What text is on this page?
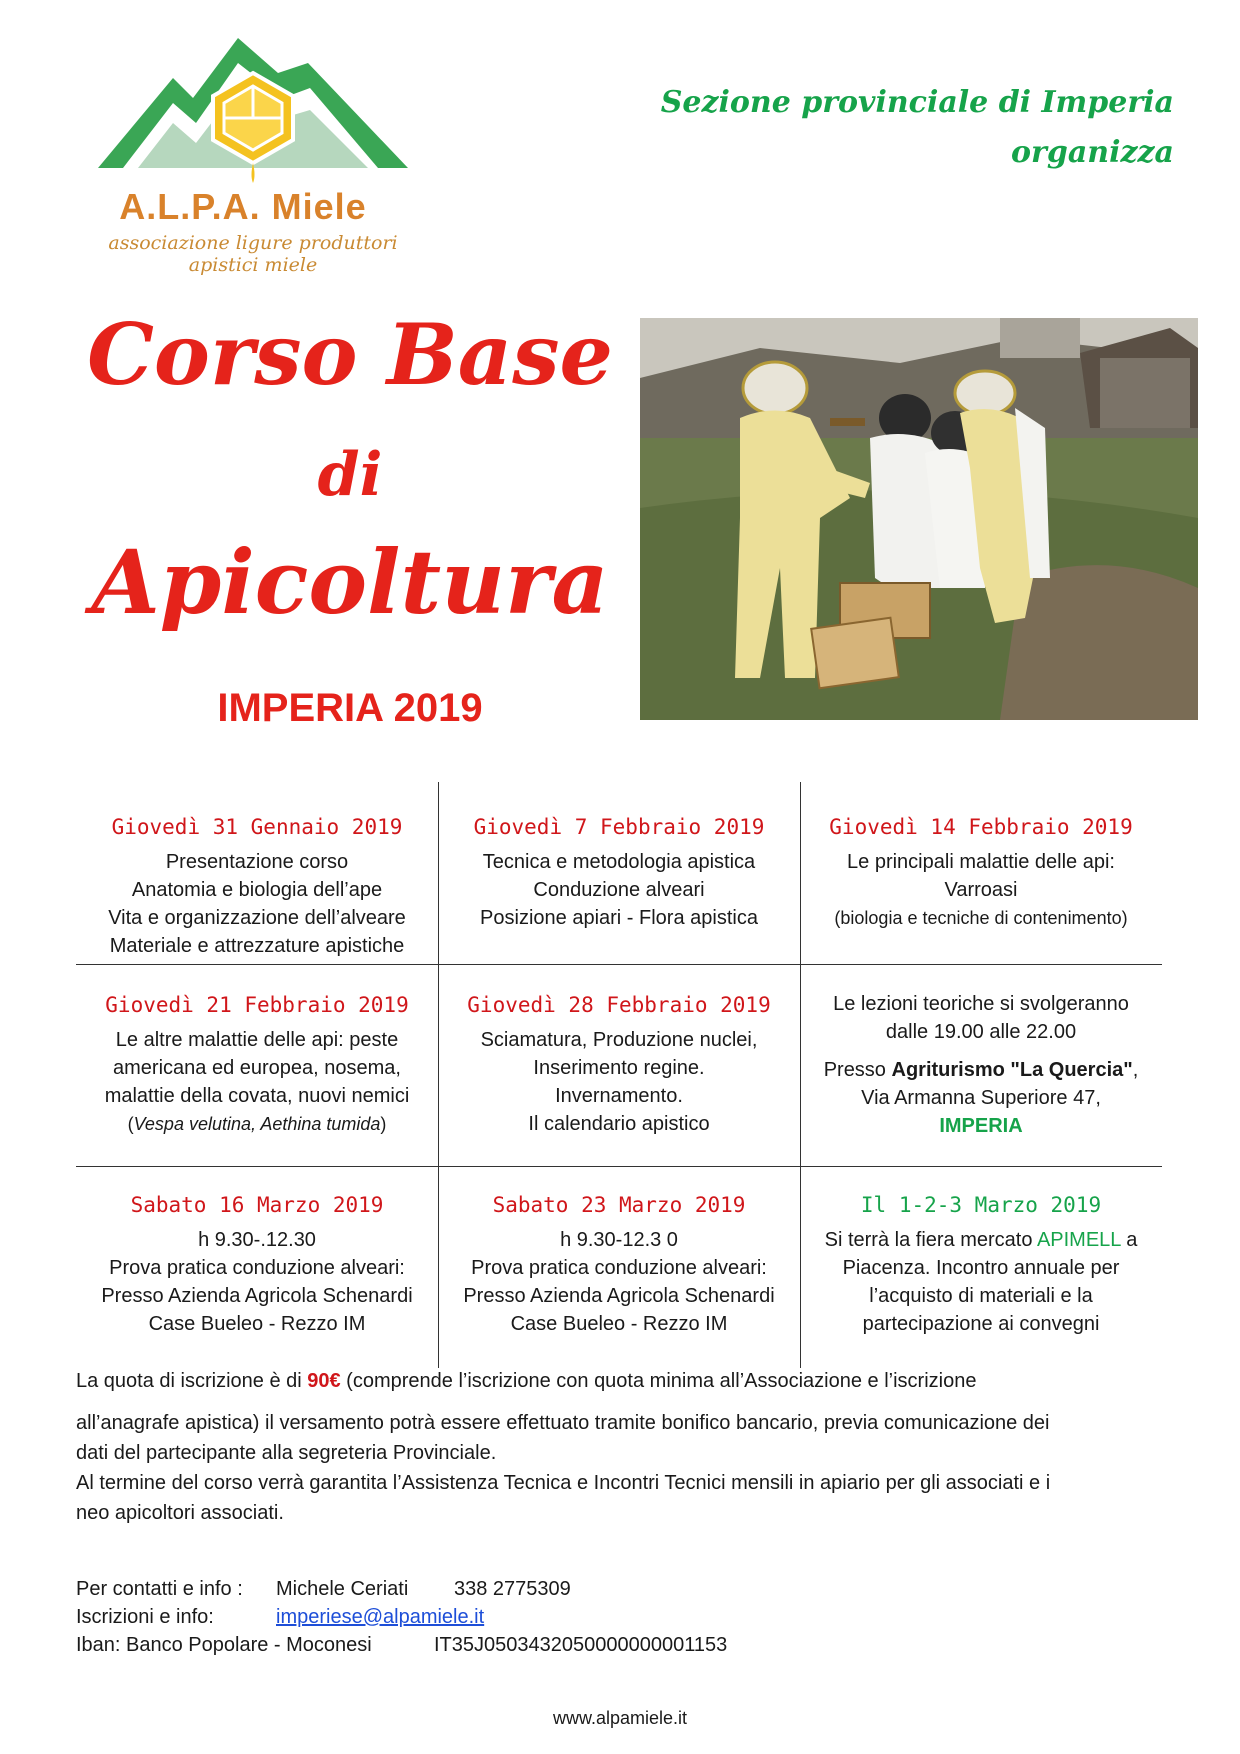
A.L.P.A. Miele
associazione ligure produttori apistici miele
Sezione provinciale di Imperia
organizza
Corso Base
di
Apicoltura
IMPERIA 2019
Giovedì 31 Gennaio 2019
Presentazione corso
Anatomia e biologia dell’ape
Vita e organizzazione dell’alveare
Materiale e attrezzature apistiche
Giovedì 7 Febbraio 2019
Tecnica e metodologia apistica
Conduzione alveari
Posizione apiari - Flora apistica
Giovedì 14 Febbraio 2019
Le principali malattie delle api:
Varroasi
(biologia e tecniche di contenimento)
Giovedì 21 Febbraio 2019
Le altre malattie delle api: peste
americana ed europea, nosema,
malattie della covata, nuovi nemici
(Vespa velutina, Aethina tumida)
Giovedì 28 Febbraio 2019
Sciamatura, Produzione nuclei,
Inserimento regine.
Invernamento.
Il calendario apistico
Le lezioni teoriche si svolgeranno
dalle 19.00 alle 22.00
Presso Agriturismo "La Quercia",
Via Armanna Superiore 47,
IMPERIA
Sabato 16 Marzo 2019
h 9.30-.12.30
Prova pratica conduzione alveari:
Presso Azienda Agricola Schenardi
Case Bueleo - Rezzo IM
Sabato 23 Marzo 2019
h 9.30-12.3 0
Prova pratica conduzione alveari:
Presso Azienda Agricola Schenardi
Case Bueleo - Rezzo IM
Il 1-2-3 Marzo 2019
Si terrà la fiera mercato APIMELL a
Piacenza. Incontro annuale per
l’acquisto di materiali e la
partecipazione ai convegni
La quota di iscrizione è di 90€ (comprende l’iscrizione con quota minima all’Associazione e l’iscrizione
all’anagrafe apistica) il versamento potrà essere effettuato tramite bonifico bancario, previa comunicazione dei
dati del partecipante alla segreteria Provinciale.
Al termine del corso verrà garantita l’Assistenza Tecnica e Incontri Tecnici mensili in apiario per gli associati e i
neo apicoltori associati.
Per contatti e info : Michele Ceriati 338 2775309
Iscrizioni e info:	imperiese@alpamiele.it
Iban: Banco Popolare - Moconesi	IT35J0503432050000000001153
www.alpamiele.it
